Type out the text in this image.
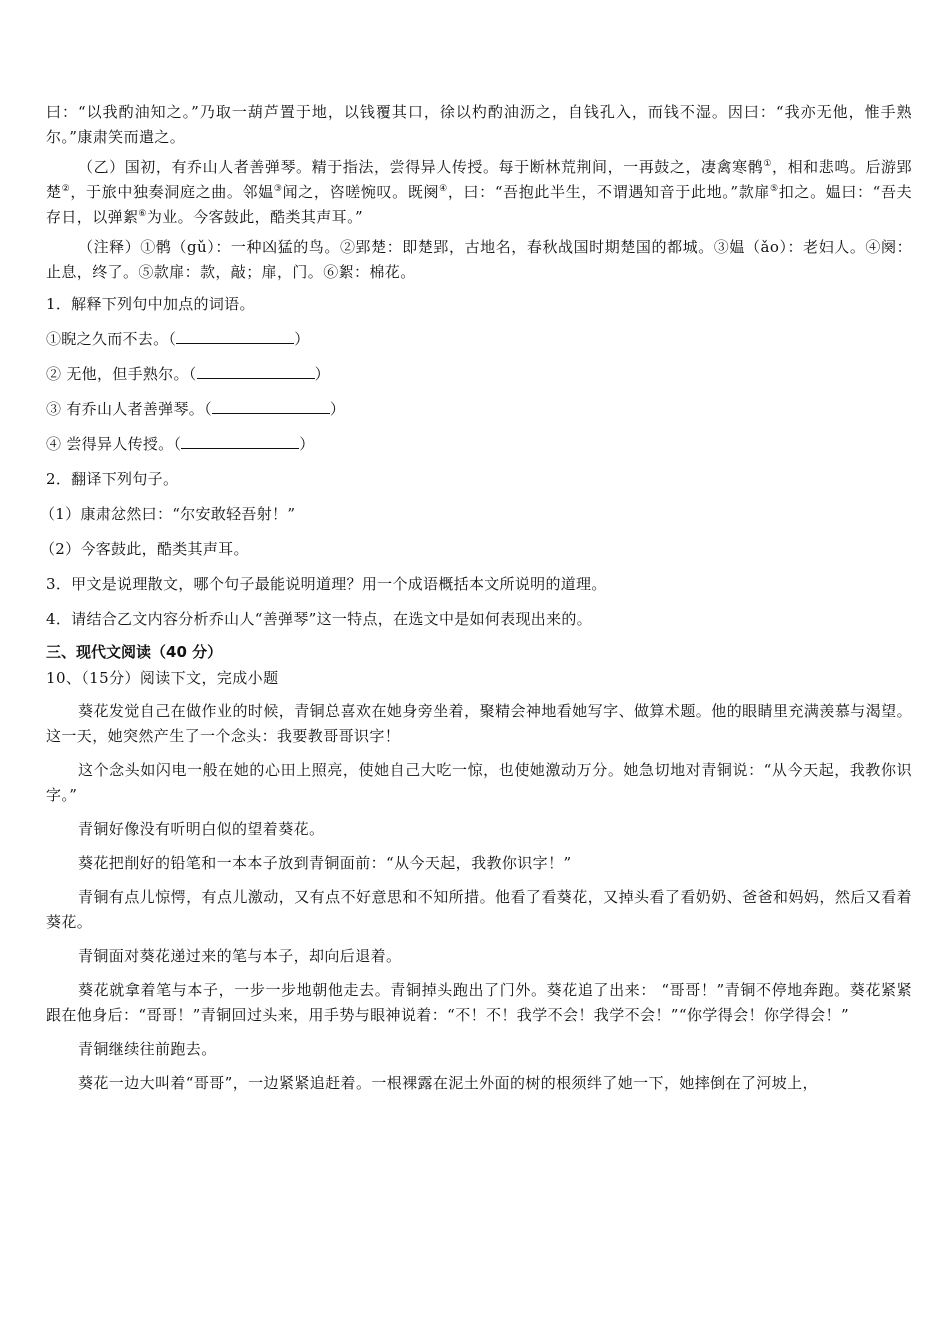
曰：“以我酌油知之。”乃取一葫芦置于地，以钱覆其口，徐以杓酌油沥之，自钱孔入，而钱不湿。因曰：“我亦无他，惟手熟尔。”康肃笑而遣之。

（乙）国初，有乔山人者善弹琴。精于指法，尝得异人传授。每于断林荒荆间，一再鼓之，凄禽寒鹘①，相和悲鸣。后游郢楚②，于旅中独奏洞庭之曲。邻媪③闻之，咨嗟惋叹。既阕④，曰：“吾抱此半生，不谓遇知音于此地。”款扉⑤扣之。媪曰：“吾夫存日，以弹絮⑥为业。今客鼓此，酷类其声耳。”

（注释）①鹘（gǔ）：一种凶猛的鸟。②郢楚：即楚郢，古地名，春秋战国时期楚国的都城。③媪（ǎo）：老妇人。④阕：止息，终了。⑤款扉：款，敲；扉，门。⑥絮：棉花。

1．解释下列句中加点的词语。

①睨之久而不去。（	）

② 无他，但手熟尔。（	）

③ 有乔山人者善弹琴。（	）

④ 尝得异人传授。（	）

2．翻译下列句子。

（1）康肃忿然曰：“尔安敢轻吾射！”

（2）今客鼓此，酷类其声耳。

3．甲文是说理散文，哪个句子最能说明道理？用一个成语概括本文所说明的道理。

4．请结合乙文内容分析乔山人“善弹琴”这一特点，在选文中是如何表现出来的。

三、现代文阅读（40 分）

10、（15分）阅读下文，完成小题

葵花发觉自己在做作业的时候，青铜总喜欢在她身旁坐着，聚精会神地看她写字、做算术题。他的眼睛里充满羡慕与渴望。这一天，她突然产生了一个念头：我要教哥哥识字！

这个念头如闪电一般在她的心田上照亮，使她自己大吃一惊，也使她激动万分。她急切地对青铜说：“从今天起，我教你识字。”

青铜好像没有听明白似的望着葵花。

葵花把削好的铅笔和一本本子放到青铜面前：“从今天起，我教你识字！”

青铜有点儿惊愕，有点儿激动，又有点不好意思和不知所措。他看了看葵花，又掉头看了看奶奶、爸爸和妈妈，然后又看着葵花。

青铜面对葵花递过来的笔与本子，却向后退着。

葵花就拿着笔与本子，一步一步地朝他走去。青铜掉头跑出了门外。葵花追了出来： “哥哥！”青铜不停地奔跑。葵花紧紧跟在他身后：“哥哥！”青铜回过头来，用手势与眼神说着：“不！不！我学不会！我学不会！”“你学得会！你学得会！”

青铜继续往前跑去。

葵花一边大叫着“哥哥”，一边紧紧追赶着。一根裸露在泥土外面的树的根须绊了她一下，她摔倒在了河坡上，
